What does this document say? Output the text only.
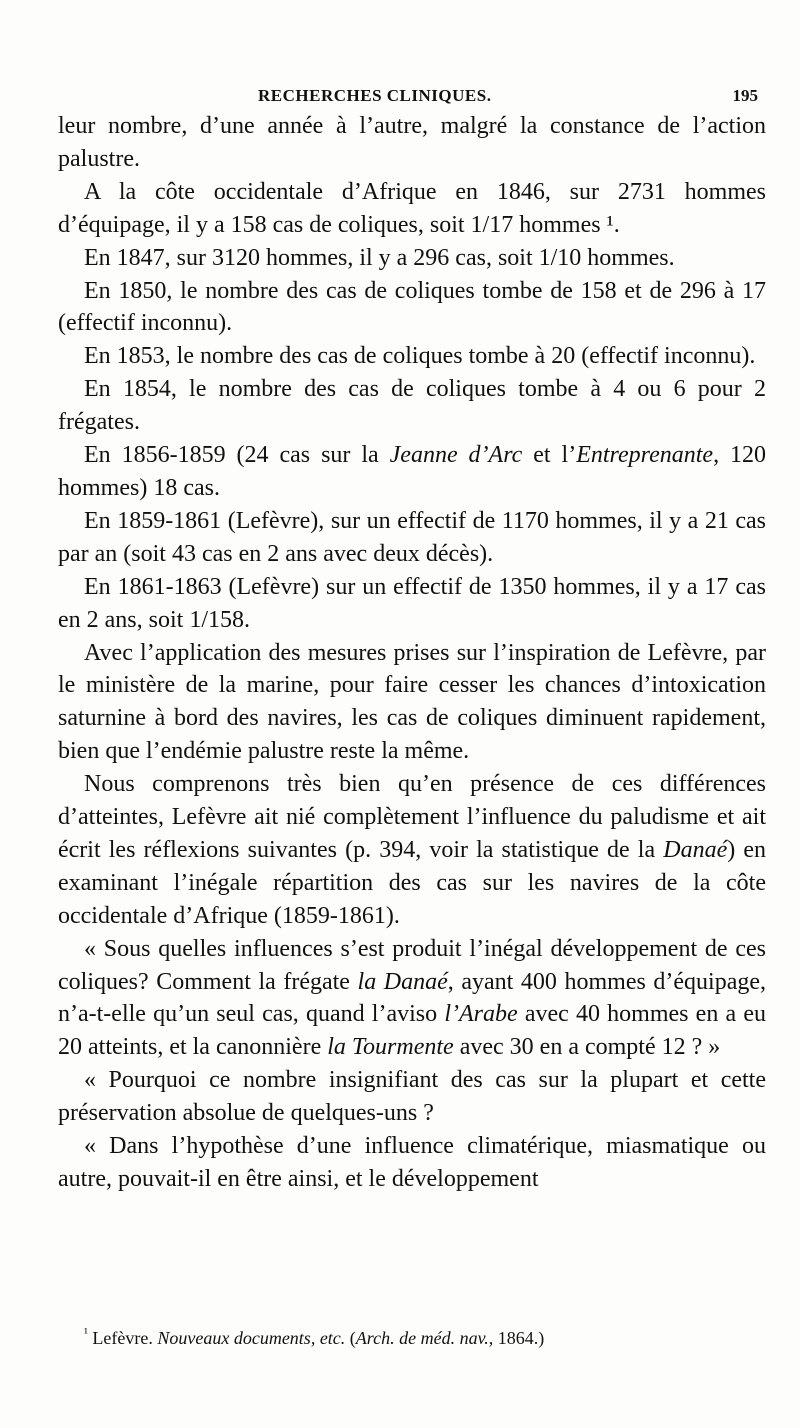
RECHERCHES CLINIQUES.	195

leur nombre, d’une année à l’autre, malgré la constance de l’action palustre.

A la côte occidentale d’Afrique en 1846, sur 2731 hommes d’équipage, il y a 158 cas de coliques, soit 1/17 hommes ¹.

En 1847, sur 3120 hommes, il y a 296 cas, soit 1/10 hommes.

En 1850, le nombre des cas de coliques tombe de 158 et de 296 à 17 (effectif inconnu).

En 1853, le nombre des cas de coliques tombe à 20 (effectif inconnu).

En 1854, le nombre des cas de coliques tombe à 4 ou 6 pour 2 frégates.

En 1856-1859 (24 cas sur la Jeanne d’Arc et l’Entreprenante, 120 hommes) 18 cas.

En 1859-1861 (Lefèvre), sur un effectif de 1170 hommes, il y a 21 cas par an (soit 43 cas en 2 ans avec deux décès).

En 1861-1863 (Lefèvre) sur un effectif de 1350 hommes, il y a 17 cas en 2 ans, soit 1/158.

Avec l’application des mesures prises sur l’inspiration de Lefèvre, par le ministère de la marine, pour faire cesser les chances d’intoxication saturnine à bord des navires, les cas de coliques diminuent rapidement, bien que l’endémie palustre reste la même.

Nous comprenons très bien qu’en présence de ces différences d’atteintes, Lefèvre ait nié complètement l’influence du paludisme et ait écrit les réflexions suivantes (p. 394, voir la statistique de la Danaé) en examinant l’inégale répartition des cas sur les navires de la côte occidentale d’Afrique (1859-1861).

« Sous quelles influences s’est produit l’inégal développement de ces coliques? Comment la frégate la Danaé, ayant 400 hommes d’équipage, n’a-t-elle qu’un seul cas, quand l’aviso l’Arabe avec 40 hommes en a eu 20 atteints, et la canonnière la Tourmente avec 30 en a compté 12 ? »

« Pourquoi ce nombre insignifiant des cas sur la plupart et cette préservation absolue de quelques-uns ?

« Dans l’hypothèse d’une influence climatérique, miasmatique ou autre, pouvait-il en être ainsi, et le développement

$^{^1}$ Lefèvre. Nouveaux documents, etc. (Arch. de méd. nav., 1864.)
